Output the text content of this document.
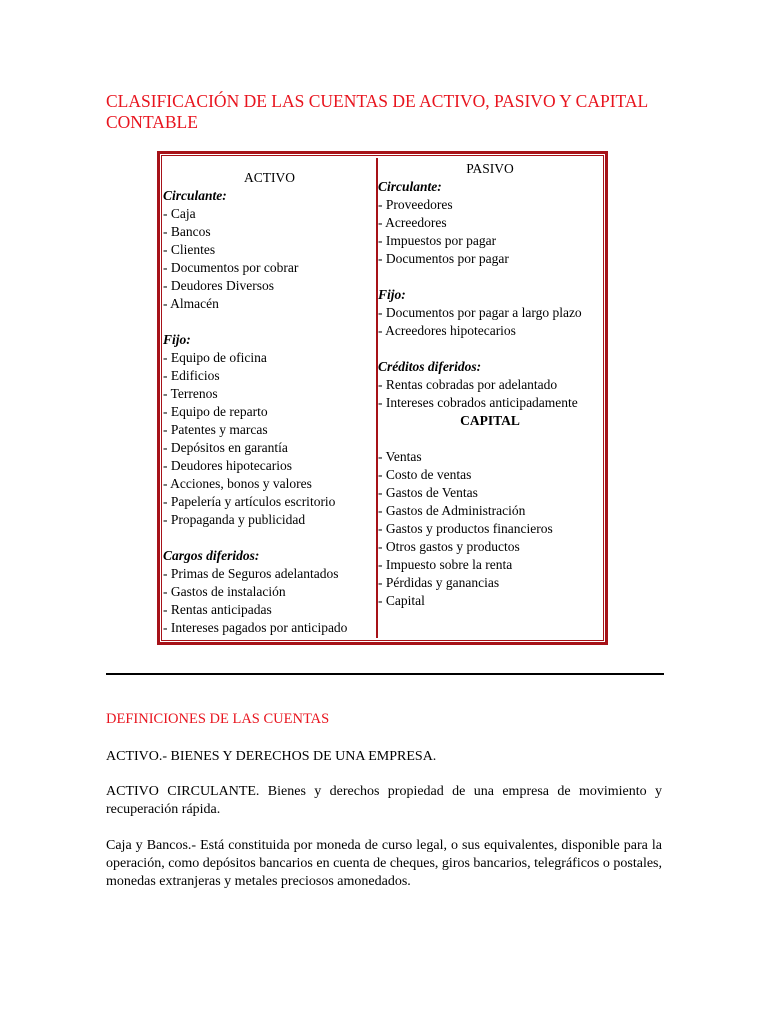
CLASIFICACIÓN DE LAS CUENTAS DE ACTIVO, PASIVO Y CAPITAL CONTABLE
ACTIVO
Circulante:
- Caja
- Bancos
- Clientes
- Documentos por cobrar
- Deudores Diversos
- Almacén
Fijo:
- Equipo de oficina
- Edificios
- Terrenos
- Equipo de reparto
- Patentes y marcas
- Depósitos en garantía
- Deudores hipotecarios
- Acciones, bonos y valores
- Papelería y artículos escritorio
- Propaganda y publicidad
Cargos diferidos:
- Primas de Seguros adelantados
- Gastos de instalación
- Rentas anticipadas
- Intereses pagados por anticipado
PASIVO
Circulante:
- Proveedores
- Acreedores
- Impuestos por pagar
- Documentos por pagar
Fijo:
- Documentos por pagar a largo plazo
- Acreedores hipotecarios
Créditos diferidos:
- Rentas cobradas por adelantado
- Intereses cobrados anticipadamente
CAPITAL
- Ventas
- Costo de ventas
- Gastos de Ventas
- Gastos de Administración
- Gastos y productos financieros
- Otros gastos y productos
- Impuesto sobre la renta
- Pérdidas y ganancias
- Capital
DEFINICIONES DE LAS CUENTAS

ACTIVO.- BIENES Y DERECHOS DE UNA EMPRESA.

ACTIVO CIRCULANTE. Bienes y derechos propiedad de una empresa de movimiento y recuperación rápida.

Caja y Bancos.- Está constituida por moneda de curso legal, o sus equivalentes, disponible para la operación, como depósitos bancarios en cuenta de cheques, giros bancarios, telegráficos o postales, monedas extranjeras y metales preciosos amonedados.
